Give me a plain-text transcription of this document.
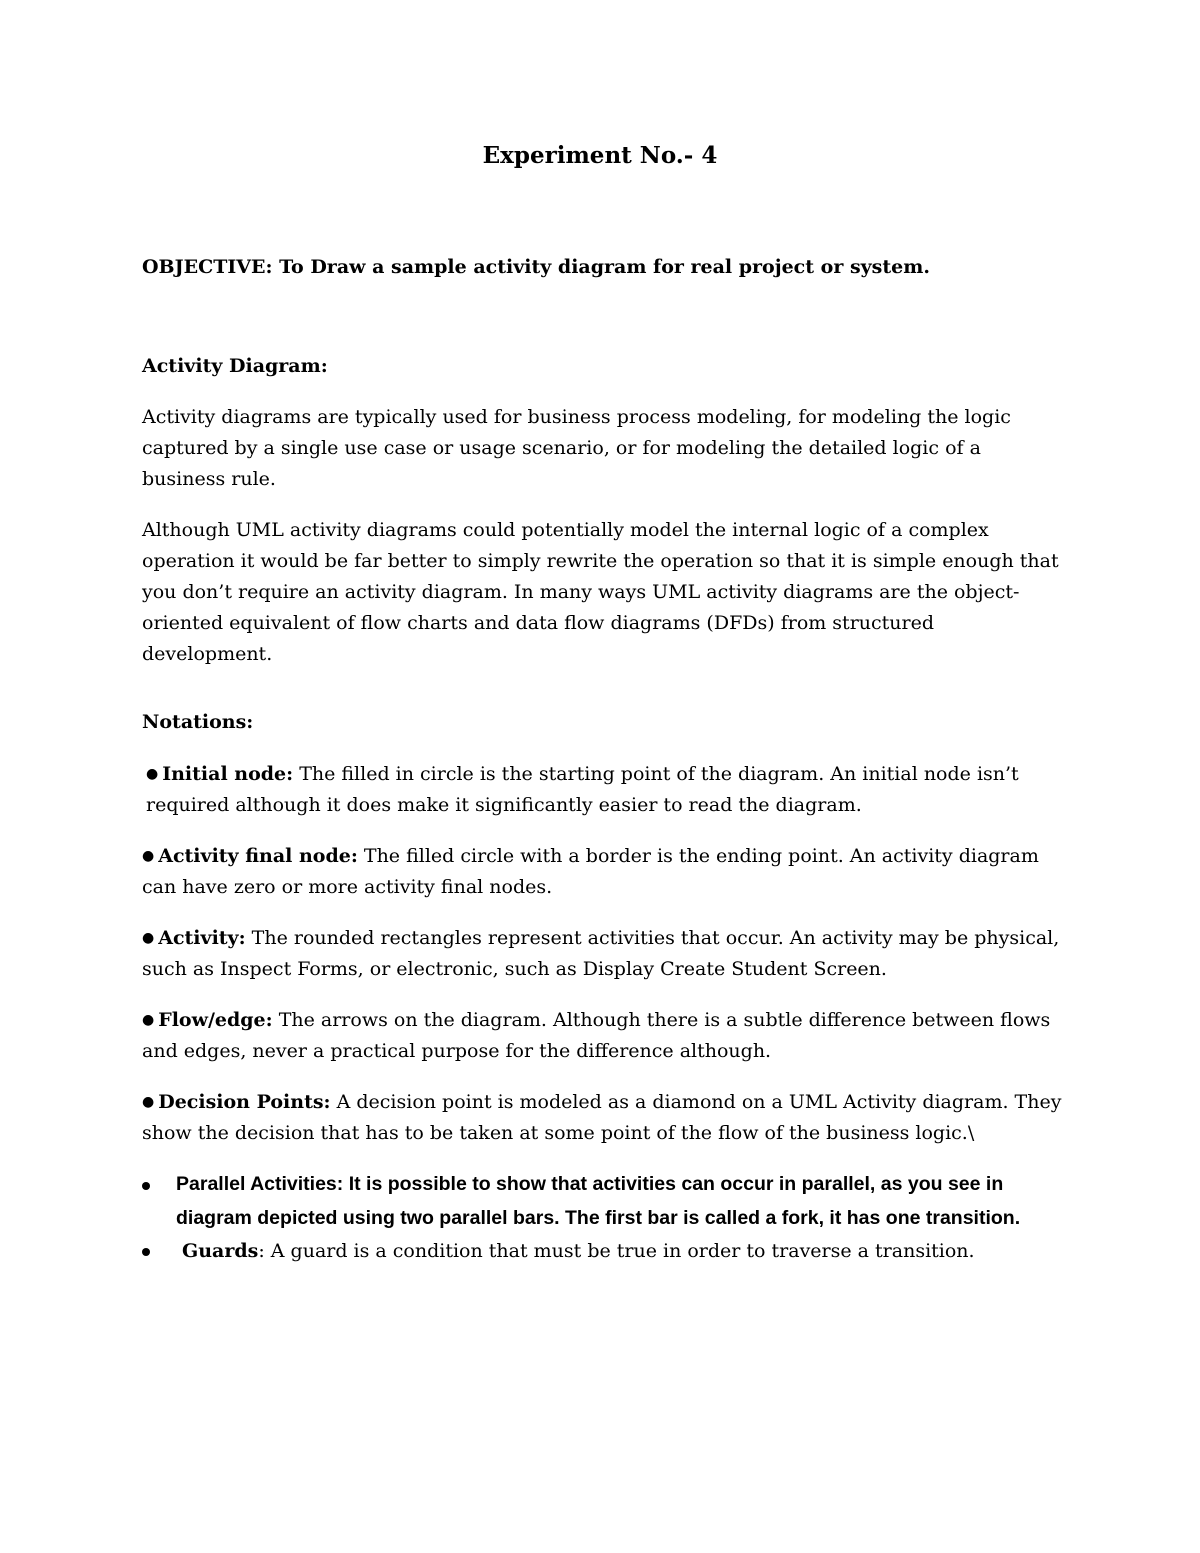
Experiment No.- 4
OBJECTIVE: To Draw a sample activity diagram for real project or system.
Activity Diagram:
Activity diagrams are typically used for business process modeling, for modeling the logic captured by a single use case or usage scenario, or for modeling the detailed logic of a business rule.
Although UML activity diagrams could potentially model the internal logic of a complex operation it would be far better to simply rewrite the operation so that it is simple enough that you don’t require an activity diagram. In many ways UML activity diagrams are the object-oriented equivalent of flow charts and data flow diagrams (DFDs) from structured development.
Notations:
● Initial node: The filled in circle is the starting point of the diagram. An initial node isn’t required although it does make it significantly easier to read the diagram.
● Activity final node: The filled circle with a border is the ending point. An activity diagram can have zero or more activity final nodes.
● Activity: The rounded rectangles represent activities that occur. An activity may be physical, such as Inspect Forms, or electronic, such as Display Create Student Screen.
● Flow/edge: The arrows on the diagram. Although there is a subtle difference between flows and edges, never a practical purpose for the difference although.
● Decision Points: A decision point is modeled as a diamond on a UML Activity diagram. They show the decision that has to be taken at some point of the flow of the business logic.\
Parallel Activities: It is possible to show that activities can occur in parallel, as you see in diagram depicted using two parallel bars. The first bar is called a fork, it has one transition.
Guards: A guard is a condition that must be true in order to traverse a transition.
